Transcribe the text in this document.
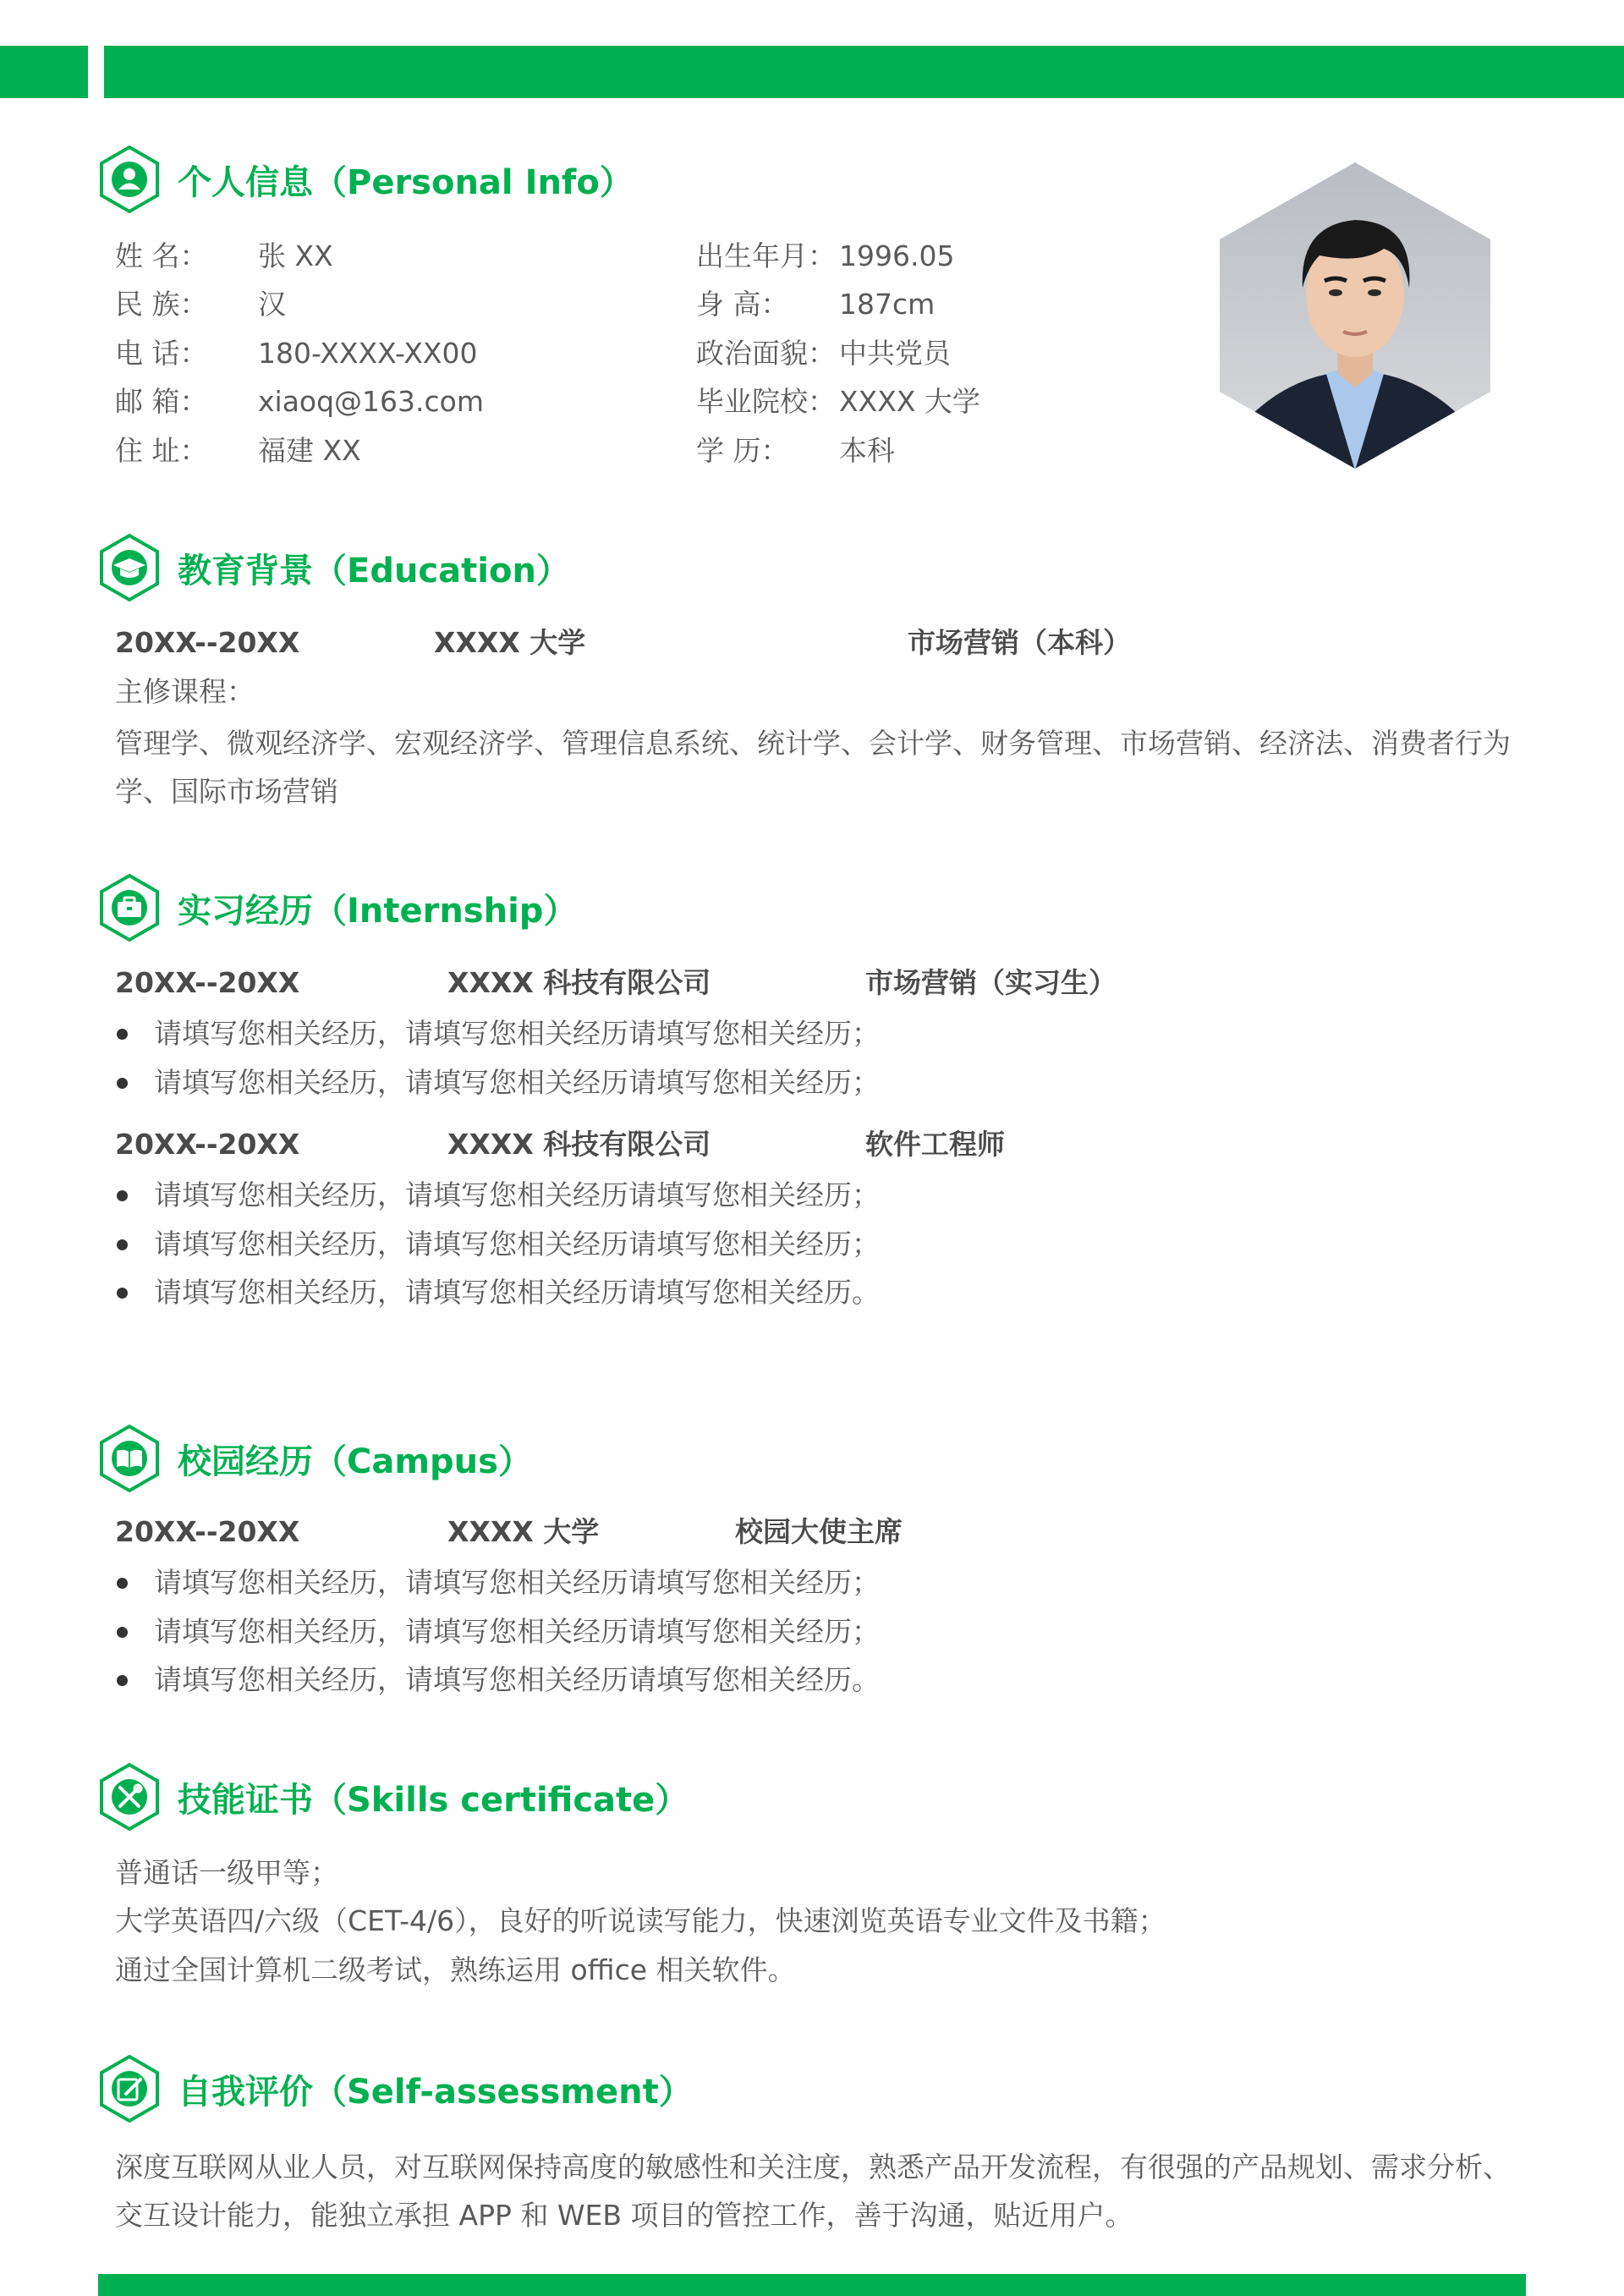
个人信息（Personal Info）
姓 名： 张 XX
民 族： 汉
电 话： 180-XXXX-XX00
邮 箱： xiaoq@163.com
住 址： 福建 XX
出生年月： 1996.05
身 高： 187cm
政治面貌： 中共党员
毕业院校： XXXX 大学
学 历： 本科
教育背景（Education）
20XX--20XX	XXXX 大学	市场营销（本科）
主修课程：
管理学、微观经济学、宏观经济学、管理信息系统、统计学、会计学、财务管理、市场营销、经济法、消费者行为学、国际市场营销
实习经历（Internship）
20XX--20XX	XXXX 科技有限公司	市场营销（实习生）
请填写您相关经历，请填写您相关经历请填写您相关经历；
请填写您相关经历，请填写您相关经历请填写您相关经历；
20XX--20XX	XXXX 科技有限公司	软件工程师
请填写您相关经历，请填写您相关经历请填写您相关经历；
请填写您相关经历，请填写您相关经历请填写您相关经历；
请填写您相关经历，请填写您相关经历请填写您相关经历。
校园经历（Campus）
20XX--20XX	XXXX 大学	校园大使主席
请填写您相关经历，请填写您相关经历请填写您相关经历；
请填写您相关经历，请填写您相关经历请填写您相关经历；
请填写您相关经历，请填写您相关经历请填写您相关经历。
技能证书（Skills certificate）
普通话一级甲等；
大学英语四/六级（CET-4/6），良好的听说读写能力，快速浏览英语专业文件及书籍；
通过全国计算机二级考试，熟练运用 office 相关软件。
自我评价（Self-assessment）
深度互联网从业人员，对互联网保持高度的敏感性和关注度，熟悉产品开发流程，有很强的产品规划、需求分析、交互设计能力，能独立承担 APP 和 WEB 项目的管控工作，善于沟通，贴近用户。
